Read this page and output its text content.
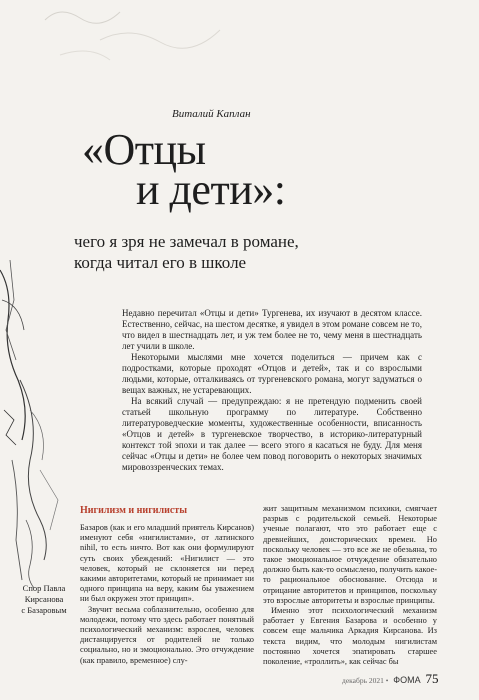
Виталий Каплан
«Отцы
и дети»:
чего я зря не замечал в романе,
когда читал его в школе

Недавно перечитал «Отцы и дети» Тургенева, их изучают в десятом классе. Естественно, сейчас, на шестом десятке, я увидел в этом романе совсем не то, что видел в шестнадцать лет, и уж тем более не то, чему меня в шестнадцать лет учили в школе.

Некоторыми мыслями мне хочется поделиться — причем как с подростками, которые проходят «Отцов и детей», так и со взрослыми людьми, которые, отталкиваясь от тургеневского романа, могут задуматься о вещах важных, не устаревающих.

На всякий случай — предупреждаю: я не претендую подменить своей статьей школьную программу по литературе. Собственно литературоведческие моменты, художественные особенности, вписанность «Отцов и детей» в тургеневское творчество, в историко-литературный контекст той эпохи и так далее — всего этого я касаться не буду. Для меня сейчас «Отцы и дети» не более чем повод поговорить о некоторых значимых мировоззренческих темах.

Нигилизм и нигилисты

Базаров (как и его младший приятель Кирсанов) именуют себя «нигилистами», от латинского nihil, то есть ничто. Вот как они формулируют суть своих убеждений: «Нигилист — это человек, который не склоняется ни перед какими авторитетами, который не принимает ни одного принципа на веру, каким бы уважением ни был окружен этот принцип».

Звучит весьма соблазнительно, особенно для молодежи, потому что здесь работает понятный психологический механизм: взрослея, человек дистанцируется от родителей не только социально, но и эмоционально. Это отчуждение (как правило, временное) слу-

жит защитным механизмом психики, смягчает разрыв с родительской семьей. Некоторые ученые полагают, что это работает еще с древнейших, доисторических времен. Но поскольку человек — это все же не обезьяна, то такое эмоциональное отчуждение обязательно должно быть как-то осмыслено, получить какое-то рациональное обоснование. Отсюда и отрицание авторитетов и принципов, поскольку это взрослые авторитеты и взрослые принципы.

Именно этот психологический механизм работает у Евгения Базарова и особенно у совсем еще мальчика Аркадия Кирсанова. Из текста видим, что молодым нигилистам постоянно хочется эпатировать старшее поколение, «троллить», как сейчас бы

Спор Павла
Кирсанова
с Базаровым
декабрь 2021 • ФОМА 75
